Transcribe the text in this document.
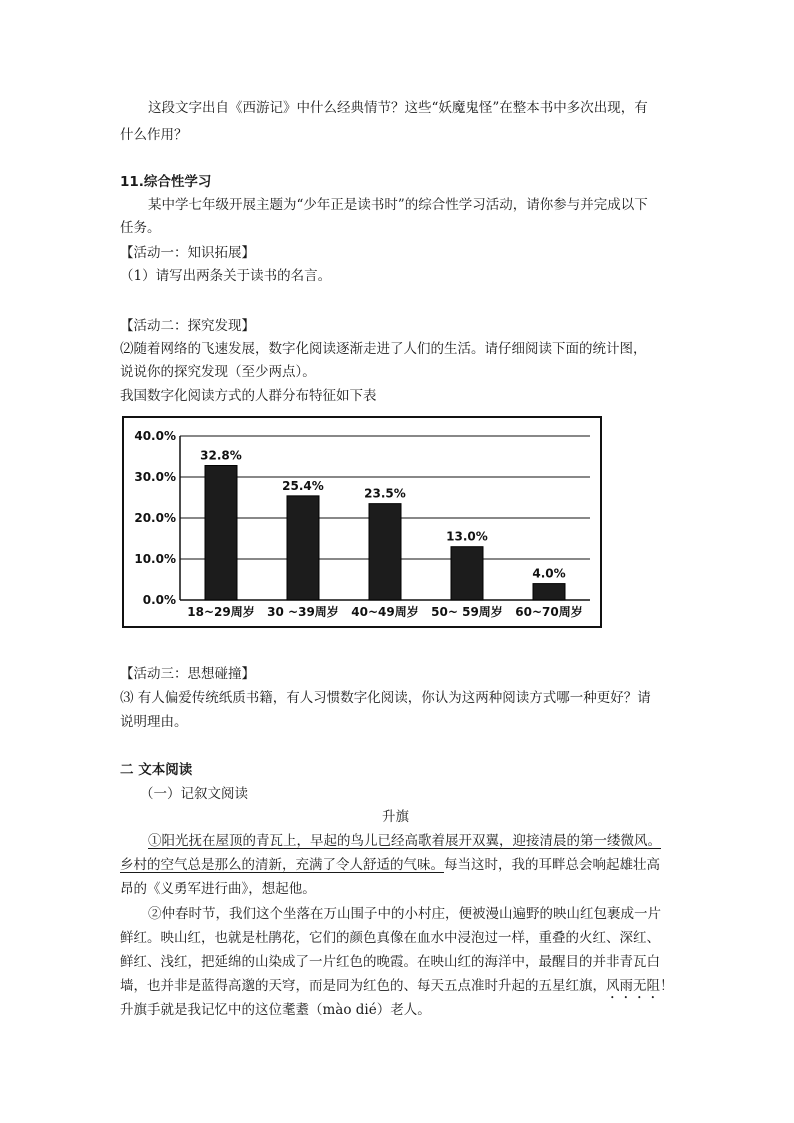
这段文字出自《西游记》中什么经典情节？这些“妖魔鬼怪”在整本书中多次出现，有
什么作用？
11.综合性学习
某中学七年级开展主题为“少年正是读书时”的综合性学习活动，请你参与并完成以下
任务。
【活动一：知识拓展】
（1）请写出两条关于读书的名言。
【活动二：探究发现】
⑵随着网络的飞速发展，数字化阅读逐渐走进了人们的生活。请仔细阅读下面的统计图，
说说你的探究发现（至少两点）。
我国数字化阅读方式的人群分布特征如下表
0.0%
10.0%
20.0%
30.0%
40.0%
32.8%
18~29周岁
25.4%
30 ~39周岁
23.5%
40~49周岁
13.0%
50~ 59周岁
4.0%
60~70周岁
【活动三：思想碰撞】
⑶ 有人偏爱传统纸质书籍，有人习惯数字化阅读，你认为这两种阅读方式哪一种更好？请
说明理由。
二 文本阅读
（一）记叙文阅读
升旗
①阳光抚在屋顶的青瓦上，早起的鸟儿已经高歌着展开双翼，迎接清晨的第一缕微风。
乡村的空气总是那么的清新，充满了令人舒适的气味。每当这时，我的耳畔总会响起雄壮高
昂的《义勇军进行曲》，想起他。
②仲春时节，我们这个坐落在万山围子中的小村庄，便被漫山遍野的映山红包裹成一片
鲜红。映山红，也就是杜鹃花，它们的颜色真像在血水中浸泡过一样，重叠的火红、深红、
鲜红、浅红，把延绵的山染成了一片红色的晚霞。在映山红的海洋中，最醒目的并非青瓦白
墙，也并非是蓝得高邈的天穹，而是同为红色的、每天五点准时升起的五星红旗，风雨无阻！
升旗手就是我记忆中的这位耄耋（mào dié）老人。
